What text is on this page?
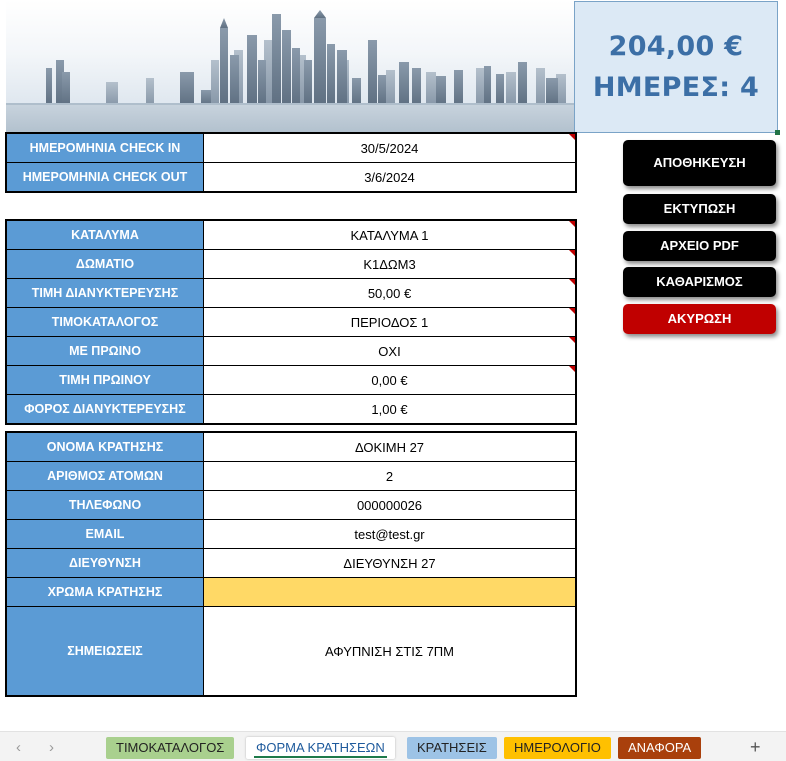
204,00 €
ΗΜΕΡΕΣ: 4
ΗΜΕΡΟΜΗΝΙΑ CHECK IN	30/5/2024

ΗΜΕΡΟΜΗΝΙΑ CHECK OUT	3/6/2024
ΚΑΤΑΛΥΜΑ	ΚΑΤΑΛΥΜΑ 1

ΔΩΜΑΤΙΟ	Κ1ΔΩΜ3

ΤΙΜΗ ΔΙΑΝΥΚΤΕΡΕΥΣΗΣ	50,00 €

ΤΙΜΟΚΑΤΑΛΟΓΟΣ	ΠΕΡΙΟΔΟΣ 1

ΜΕ ΠΡΩΙΝΟ	ΟΧΙ

ΤΙΜΗ ΠΡΩΙΝΟΥ	0,00 €

ΦΟΡΟΣ ΔΙΑΝΥΚΤΕΡΕΥΣΗΣ	1,00 €
ΟΝΟΜΑ ΚΡΑΤΗΣΗΣ	ΔΟΚΙΜΗ 27
ΑΡΙΘΜΟΣ ΑΤΟΜΩΝ	2
ΤΗΛΕΦΩΝΟ	000000026
EMAIL	test@test.gr
ΔΙΕΥΘΥΝΣΗ	ΔΙΕΥΘΥΝΣΗ 27
ΧΡΩΜΑ ΚΡΑΤΗΣΗΣ	
ΣΗΜΕΙΩΣΕΙΣ	ΑΦΥΠΝΙΣΗ ΣΤΙΣ 7ΠΜ
ΑΠΟΘΗΚΕΥΣΗ
ΕΚΤΥΠΩΣΗ
ΑΡΧΕΙΟ PDF
ΚΑΘΑΡΙΣΜΟΣ
ΑΚΥΡΩΣΗ
‹ ›	ΤΙΜΟΚΑΤΑΛΟΓΟΣ	ΦΟΡΜΑ ΚΡΑΤΗΣΕΩΝ	ΚΡΑΤΗΣΕΙΣ	ΗΜΕΡΟΛΟΓΙΟ	ΑΝΑΦΟΡΑ	+
